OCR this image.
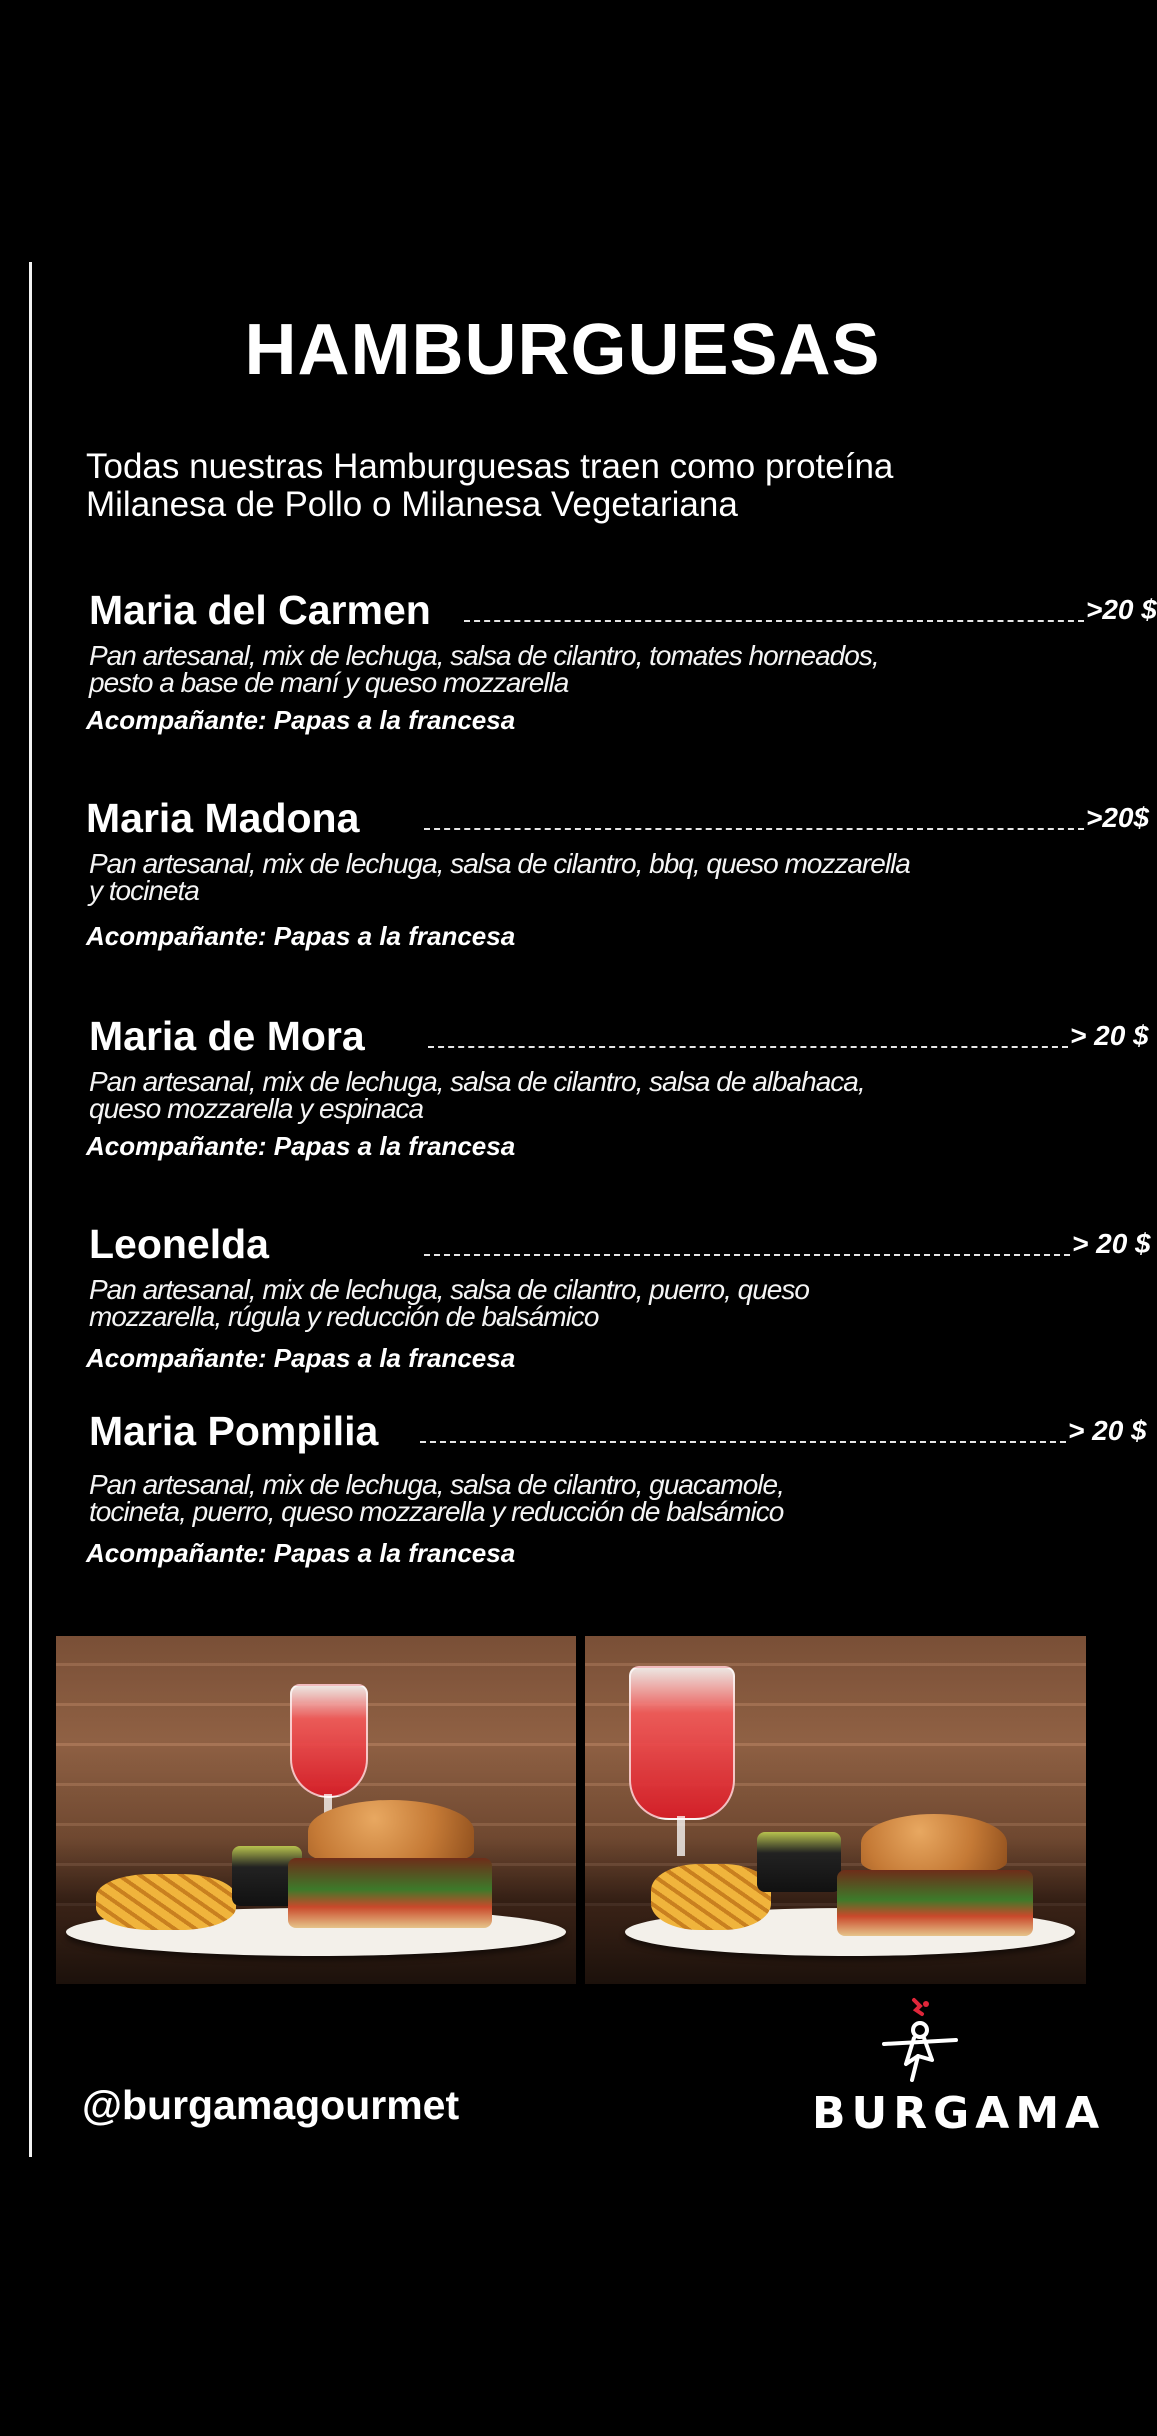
HAMBURGUESAS
Todas nuestras Hamburguesas traen como proteína
Milanesa de Pollo o Milanesa Vegetariana
Maria del Carmen	>20 $
Pan artesanal, mix de lechuga, salsa de cilantro, tomates horneados,
pesto a base de maní y queso mozzarella
Acompañante: Papas a la francesa
Maria Madona	>20$
Pan artesanal, mix de lechuga, salsa de cilantro, bbq, queso mozzarella
y tocineta
Acompañante: Papas a la francesa
Maria de Mora	> 20 $
Pan artesanal, mix de lechuga, salsa de cilantro, salsa de albahaca,
queso mozzarella y espinaca
Acompañante: Papas a la francesa
Leonelda	> 20 $
Pan artesanal, mix de lechuga, salsa de cilantro, puerro, queso
mozzarella, rúgula y reducción de balsámico
Acompañante: Papas a la francesa
Maria Pompilia	> 20 $
Pan artesanal, mix de lechuga, salsa de cilantro, guacamole,
tocineta, puerro, queso mozzarella y reducción de balsámico
Acompañante: Papas a la francesa
@burgamagourmet	BURGAMA
